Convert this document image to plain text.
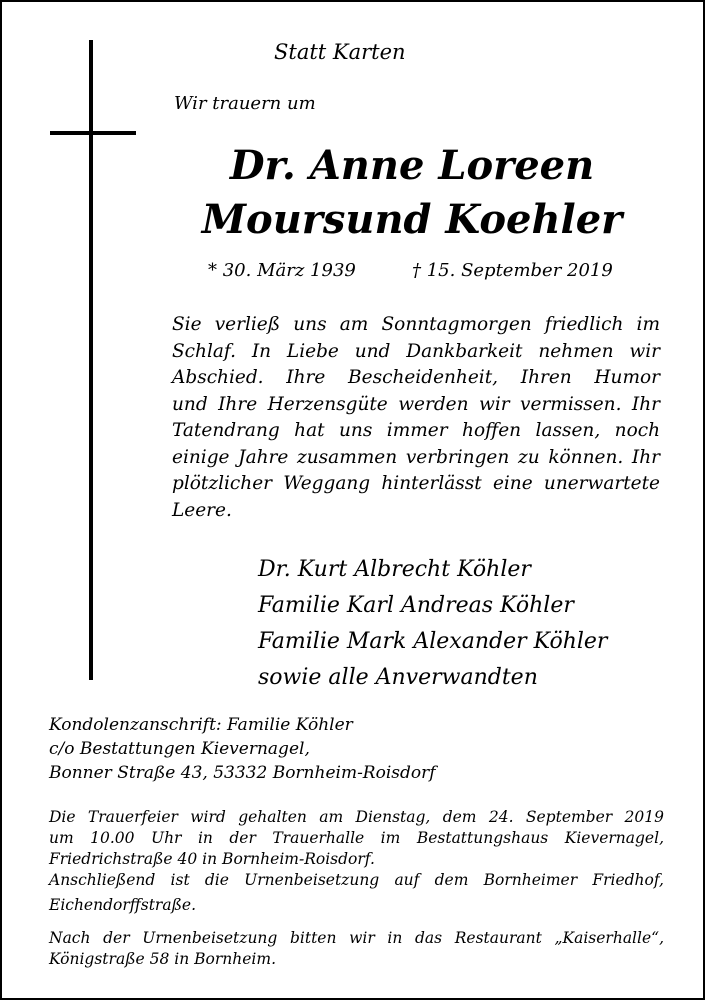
Statt Karten
Wir trauern um
Dr. Anne Loreen
Moursund Koehler
* 30. März 1939	† 15. September 2019
Sie verließ uns am Sonntagmorgen friedlich im
Schlaf. In Liebe und Dankbarkeit nehmen wir
Abschied. Ihre Bescheidenheit, Ihren Humor
und Ihre Herzensgüte werden wir vermissen. Ihr
Tatendrang hat uns immer hoffen lassen, noch
einige Jahre zusammen verbringen zu können. Ihr
plötzlicher Weggang hinterlässt eine unerwartete
Leere.
Dr. Kurt Albrecht Köhler
Familie Karl Andreas Köhler
Familie Mark Alexander Köhler
sowie alle Anverwandten
Kondolenzanschrift: Familie Köhler
c/o Bestattungen Kievernagel,
Bonner Straße 43, 53332 Bornheim-Roisdorf
Die Trauerfeier wird gehalten am Dienstag, dem 24. September 2019
um 10.00 Uhr in der Trauerhalle im Bestattungshaus Kievernagel,
Friedrichstraße 40 in Bornheim-Roisdorf.
Anschließend ist die Urnenbeisetzung auf dem Bornheimer Friedhof,
Eichendorffstraße.
Nach der Urnenbeisetzung bitten wir in das Restaurant „Kaiserhalle“,
Königstraße 58 in Bornheim.
